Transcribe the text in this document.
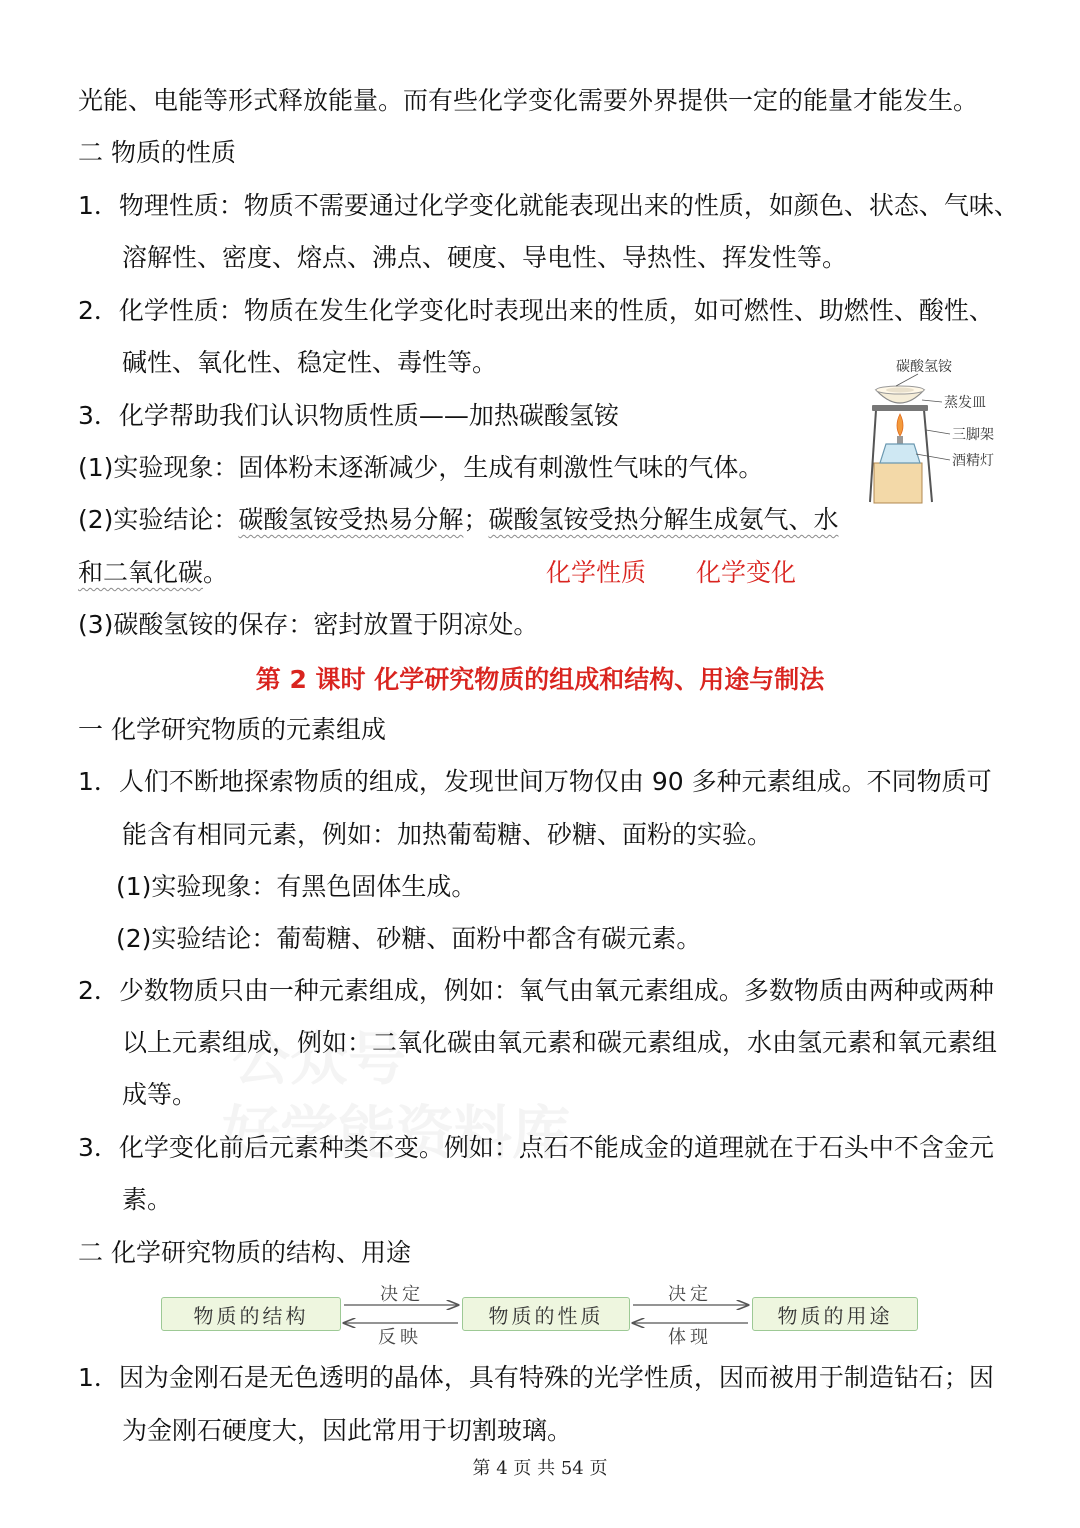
光能、电能等形式释放能量。而有些化学变化需要外界提供一定的能量才能发生。
二 物质的性质
1．物理性质：物质不需要通过化学变化就能表现出来的性质，如颜色、状态、气味、
溶解性、密度、熔点、沸点、硬度、导电性、导热性、挥发性等。
2．化学性质：物质在发生化学变化时表现出来的性质，如可燃性、助燃性、酸性、
碱性、氧化性、稳定性、毒性等。
3．化学帮助我们认识物质性质——加热碳酸氢铵
(1)实验现象：固体粉末逐渐减少，生成有刺激性气味的气体。
(2)实验结论：碳酸氢铵受热易分解；碳酸氢铵受热分解生成氨气、水
和二氧化碳。	化学性质 化学变化
(3)碳酸氢铵的保存：密封放置于阴凉处。
第 2 课时 化学研究物质的组成和结构、用途与制法
一 化学研究物质的元素组成
1．人们不断地探索物质的组成，发现世间万物仅由 90 多种元素组成。不同物质可
能含有相同元素，例如：加热葡萄糖、砂糖、面粉的实验。
(1)实验现象：有黑色固体生成。
(2)实验结论：葡萄糖、砂糖、面粉中都含有碳元素。
2．少数物质只由一种元素组成，例如：氧气由氧元素组成。多数物质由两种或两种
以上元素组成，例如：二氧化碳由氧元素和碳元素组成，水由氢元素和氧元素组
成等。
3．化学变化前后元素种类不变。例如：点石不能成金的道理就在于石头中不含金元
素。
二 化学研究物质的结构、用途
物质的结构	物质的性质	物质的用途
决定
反映
决定
体现
1．因为金刚石是无色透明的晶体，具有特殊的光学性质，因而被用于制造钻石；因
为金刚石硬度大，因此常用于切割玻璃。
碳酸氢铵
蒸发皿
三脚架
酒精灯
第 4 页 共 54 页
